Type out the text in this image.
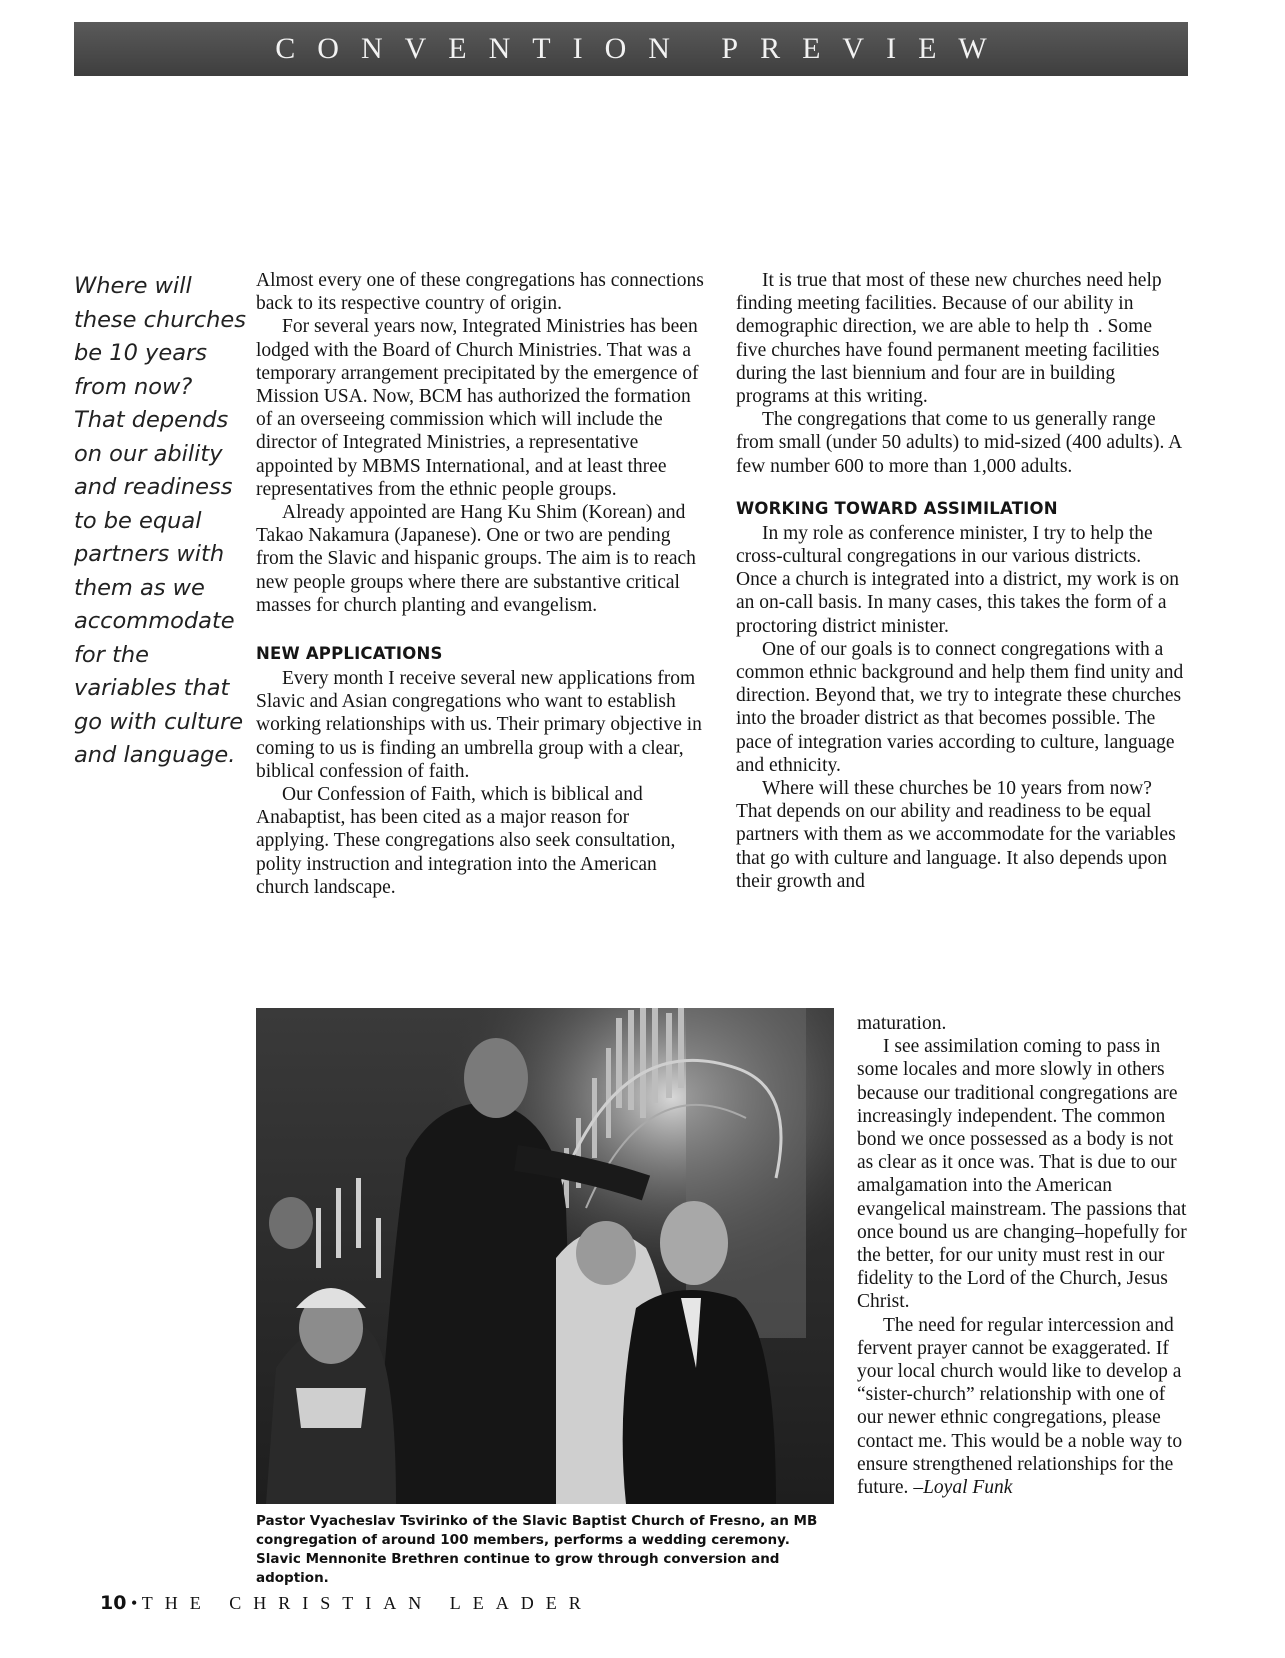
CONVENTION PREVIEW
Where will these churches be 10 years from now? That depends on our ability and readiness to be equal partners with them as we accommodate for the variables that go with culture and language.

Almost every one of these congregations has connections back to its respective country of origin.

For several years now, Integrated Ministries has been lodged with the Board of Church Ministries. That was a temporary arrangement precipitated by the emergence of Mission USA. Now, BCM has authorized the formation of an overseeing commission which will include the director of Integrated Ministries, a representative appointed by MBMS International, and at least three representatives from the ethnic people groups.

Already appointed are Hang Ku Shim (Korean) and Takao Nakamura (Japanese). One or two are pending from the Slavic and hispanic groups. The aim is to reach new people groups where there are substantive critical masses for church planting and evangelism.

NEW APPLICATIONS

Every month I receive several new applications from Slavic and Asian congregations who want to establish working relationships with us. Their primary objective in coming to us is finding an umbrella group with a clear, biblical confession of faith.

Our Confession of Faith, which is biblical and Anabaptist, has been cited as a major reason for applying. These congregations also seek consultation, polity instruction and integration into the American church landscape.

It is true that most of these new churches need help finding meeting facilities. Because of our ability in demographic direction, we are able to help th  . Some five churches have found permanent meeting facilities during the last biennium and four are in building programs at this writing.

The congregations that come to us generally range from small (under 50 adults) to mid-sized (400 adults). A few number 600 to more than 1,000 adults.

WORKING TOWARD ASSIMILATION

In my role as conference minister, I try to help the cross-cultural congregations in our various districts. Once a church is integrated into a district, my work is on an on-call basis. In many cases, this takes the form of a proctoring district minister.

One of our goals is to connect congregations with a common ethnic background and help them find unity and direction. Beyond that, we try to integrate these churches into the broader district as that becomes possible. The pace of integration varies according to culture, language and ethnicity.

Where will these churches be 10 years from now? That depends on our ability and readiness to be equal partners with them as we accommodate for the variables that go with culture and language. It also depends upon their growth and

maturation.

I see assimilation coming to pass in some locales and more slowly in others because our traditional congregations are increasingly independent. The common bond we once possessed as a body is not as clear as it once was. That is due to our amalgamation into the American evangelical mainstream. The passions that once bound us are changing–hopefully for the better, for our unity must rest in our fidelity to the Lord of the Church, Jesus Christ.

The need for regular intercession and fervent prayer cannot be exaggerated. If your local church would like to develop a “sister-church” relationship with one of our newer ethnic congregations, please contact me. This would be a noble way to ensure strengthened relationships for the future. –Loyal Funk

Pastor Vyacheslav Tsvirinko of the Slavic Baptist Church of Fresno, an MB congregation of around 100 members, performs a wedding ceremony. Slavic Mennonite Brethren continue to grow through conversion and adoption.
10 • THE CHRISTIAN LEADER
